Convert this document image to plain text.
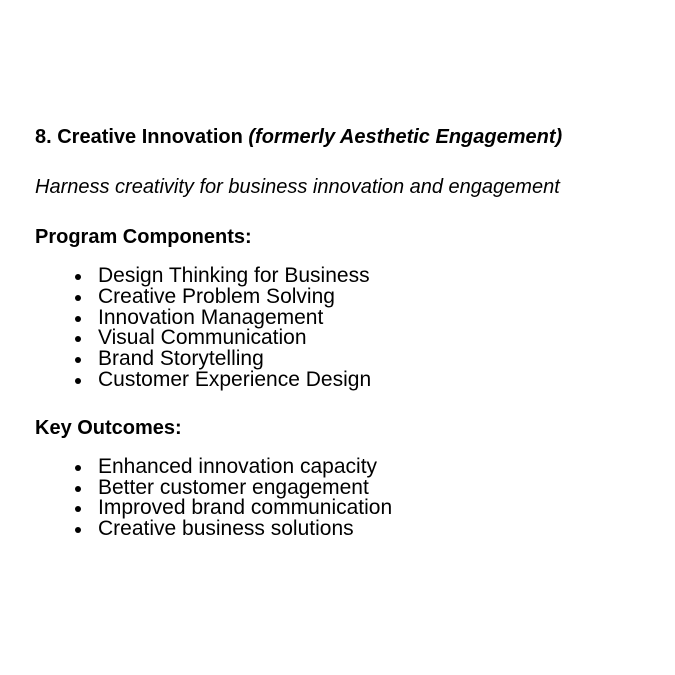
8. Creative Innovation (formerly Aesthetic Engagement)

Harness creativity for business innovation and engagement

Program Components:
Design Thinking for Business
Creative Problem Solving
Innovation Management
Visual Communication
Brand Storytelling
Customer Experience Design
Key Outcomes:
Enhanced innovation capacity
Better customer engagement
Improved brand communication
Creative business solutions
